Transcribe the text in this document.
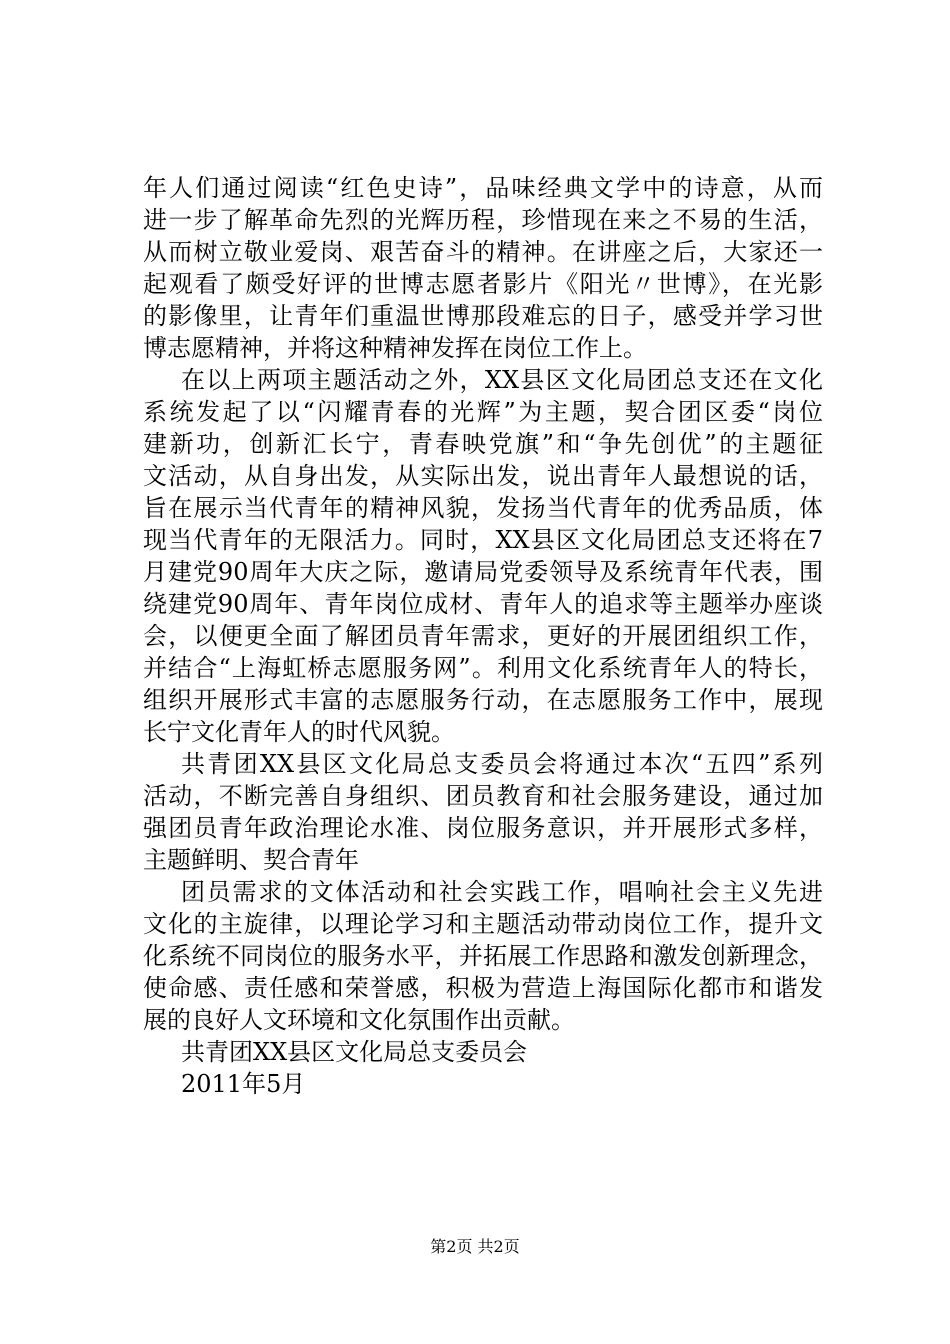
年人们通过阅读“红色史诗”，品味经典文学中的诗意，从而
进一步了解革命先烈的光辉历程，珍惜现在来之不易的生活，
从而树立敬业爱岗、艰苦奋斗的精神。在讲座之后，大家还一
起观看了颇受好评的世博志愿者影片《阳光〃世博》，在光影
的影像里，让青年们重温世博那段难忘的日子，感受并学习世
博志愿精神，并将这种精神发挥在岗位工作上。
在以上两项主题活动之外，XX县区文化局团总支还在文化
系统发起了以“闪耀青春的光辉”为主题，契合团区委“岗位
建新功，创新汇长宁，青春映党旗”和“争先创优”的主题征
文活动，从自身出发，从实际出发，说出青年人最想说的话，
旨在展示当代青年的精神风貌，发扬当代青年的优秀品质，体
现当代青年的无限活力。同时，XX县区文化局团总支还将在7
月建党90周年大庆之际，邀请局党委领导及系统青年代表，围
绕建党90周年、青年岗位成材、青年人的追求等主题举办座谈
会，以便更全面了解团员青年需求，更好的开展团组织工作，
并结合“上海虹桥志愿服务网”。利用文化系统青年人的特长，
组织开展形式丰富的志愿服务行动，在志愿服务工作中，展现
长宁文化青年人的时代风貌。
共青团XX县区文化局总支委员会将通过本次“五四”系列
活动，不断完善自身组织、团员教育和社会服务建设，通过加
强团员青年政治理论水准、岗位服务意识，并开展形式多样，
主题鲜明、契合青年
团员需求的文体活动和社会实践工作，唱响社会主义先进
文化的主旋律，以理论学习和主题活动带动岗位工作，提升文
化系统不同岗位的服务水平，并拓展工作思路和激发创新理念，
使命感、责任感和荣誉感，积极为营造上海国际化都市和谐发
展的良好人文环境和文化氛围作出贡献。
共青团XX县区文化局总支委员会
2011年5月
第2页 共2页
